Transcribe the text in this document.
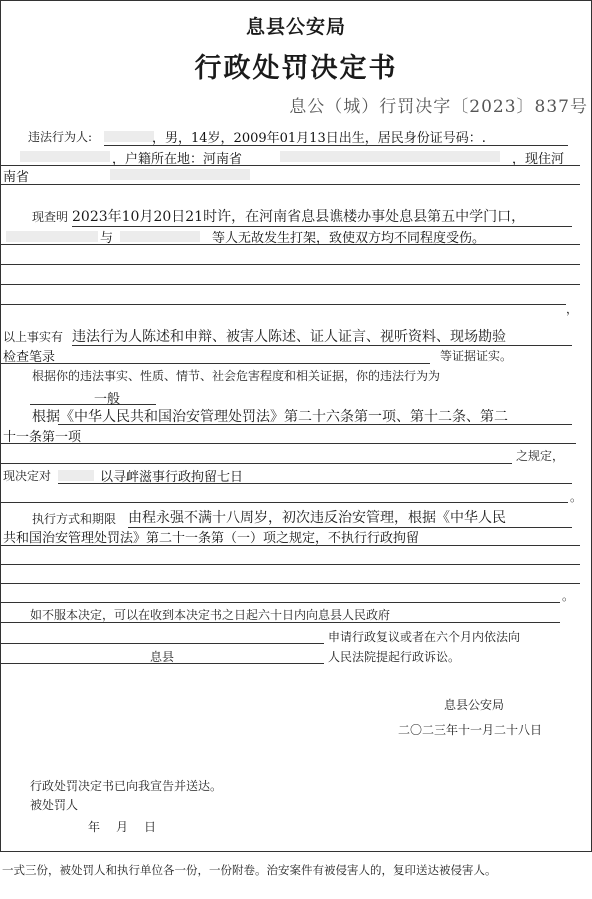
息县公安局
行政处罚决定书
息公（城）行罚决字〔2023〕837号
违法行为人:	，男，14岁，2009年01月13日出生，居民身份证号码：.
，户籍所在地：河南省	，现住河
南省
现查明 2023年10月20日21时许，在河南省息县谯楼办事处息县第五中学门口，
与	等人无故发生打架，致使双方均不同程度受伤。
，
以上事实有 违法行为人陈述和申辩、被害人陈述、证人证言、视听资料、现场勘验
检查笔录	等证据证实。
根据你的违法事实、性质、情节、社会危害程度和相关证据，你的违法行为为
一般
根据《中华人民共和国治安管理处罚法》第二十六条第一项、第十二条、第二
十一条第一项
之规定，
现决定对	以寻衅滋事行政拘留七日
。
执行方式和期限 由程永强不满十八周岁，初次违反治安管理，根据《中华人民
共和国治安管理处罚法》第二十一条第（一）项之规定，不执行行政拘留
。
如不服本决定，可以在收到本决定书之日起六十日内向息县人民政府
申请行政复议或者在六个月内依法向
息县	人民法院提起行政诉讼。
息县公安局
二〇二三年十一月二十八日
行政处罚决定书已向我宣告并送达。
被处罚人
年 月 日
一式三份，被处罚人和执行单位各一份，一份附卷。治安案件有被侵害人的，复印送达被侵害人。
